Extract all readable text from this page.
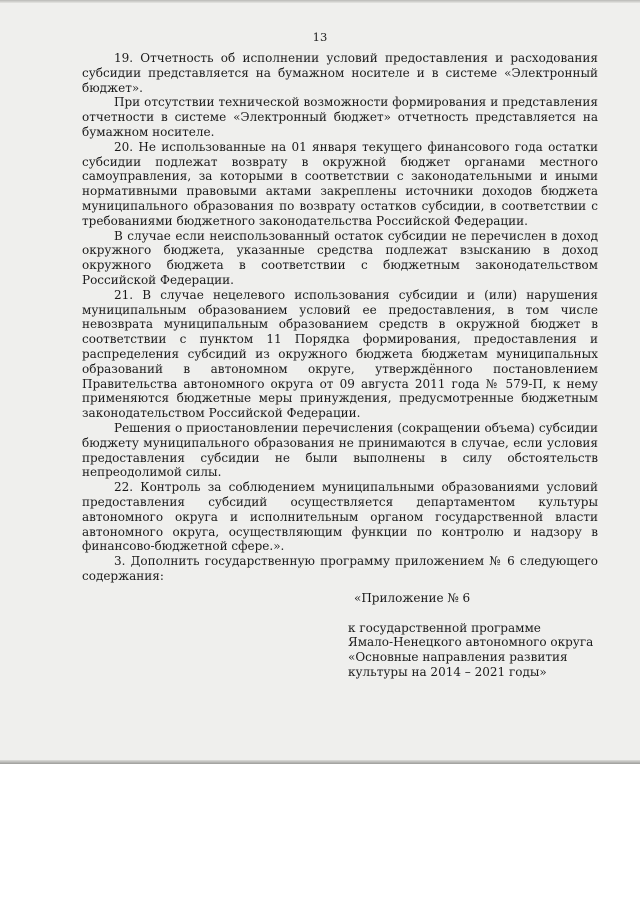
13

19. Отчетность об исполнении условий предоставления и расходования субсидии представляется на бумажном носителе и в системе «Электронный бюджет».

При отсутствии технической возможности формирования и представления отчетности в системе «Электронный бюджет» отчетность представляется на бумажном носителе.

20. Не использованные на 01 января текущего финансового года остатки субсидии подлежат возврату в окружной бюджет органами местного самоуправления, за которыми в соответствии с законодательными и иными нормативными правовыми актами закреплены источники доходов бюджета муниципального образования по возврату остатков субсидии, в соответствии с требованиями бюджетного законодательства Российской Федерации.

В случае если неиспользованный остаток субсидии не перечислен в доход окружного бюджета, указанные средства подлежат взысканию в доход окружного бюджета в соответствии с бюджетным законодательством Российской Федерации.

21. В случае нецелевого использования субсидии и (или) нарушения муниципальным образованием условий ее предоставления, в том числе невозврата муниципальным образованием средств в окружной бюджет в соответствии с пунктом 11 Порядка формирования, предоставления и распределения субсидий из окружного бюджета бюджетам муниципальных образований в автономном округе, утверждённого постановлением Правительства автономного округа от 09 августа 2011 года № 579-П, к нему применяются бюджетные меры принуждения, предусмотренные бюджетным законодательством Российской Федерации.

Решения о приостановлении перечисления (сокращении объема) субсидии бюджету муниципального образования не принимаются в случае, если условия предоставления субсидии не были выполнены в силу обстоятельств непреодолимой силы.

22. Контроль за соблюдением муниципальными образованиями условий предоставления субсидий осуществляется департаментом культуры автономного округа и исполнительным органом государственной власти автономного округа, осуществляющим функции по контролю и надзору в финансово-бюджетной сфере.».

3. Дополнить государственную программу приложением № 6 следующего содержания:

«Приложение № 6

к государственной программе

Ямало-Ненецкого автономного округа

«Основные направления развития

культуры на 2014 – 2021 годы»
